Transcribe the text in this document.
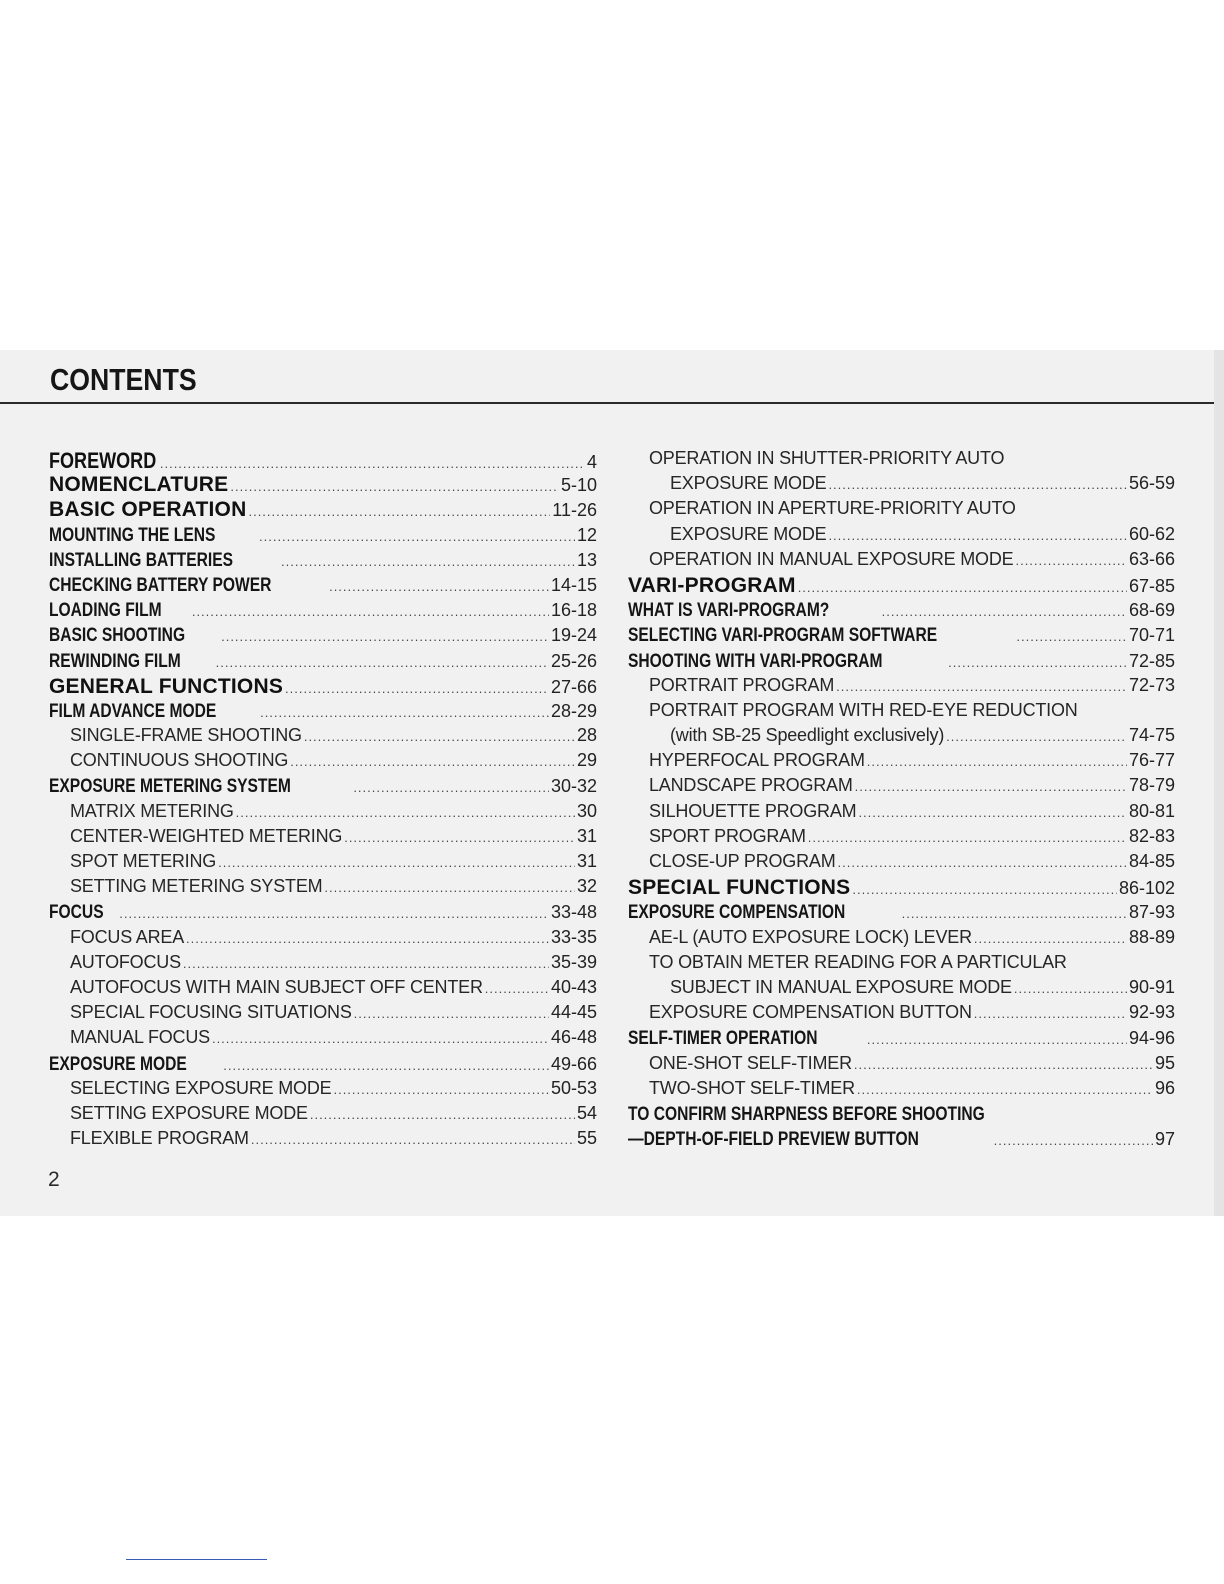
CONTENTS
FOREWORD .....	4
NOMENCLATURE .....	5-10
BASIC OPERATION .....	11-26
MOUNTING THE LENS .....	12
INSTALLING BATTERIES .....	13
CHECKING BATTERY POWER .....	14-15
LOADING FILM .....	16-18
BASIC SHOOTING .....	19-24
REWINDING FILM .....	25-26
GENERAL FUNCTIONS .....	27-66
FILM ADVANCE MODE .....	28-29
SINGLE-FRAME SHOOTING .....	28
CONTINUOUS SHOOTING .....	29
EXPOSURE METERING SYSTEM .....	30-32
MATRIX METERING .....	30
CENTER-WEIGHTED METERING .....	31
SPOT METERING .....	31
SETTING METERING SYSTEM .....	32
FOCUS .....	33-48
FOCUS AREA .....	33-35
AUTOFOCUS .....	35-39
AUTOFOCUS WITH MAIN SUBJECT OFF CENTER .....	40-43
SPECIAL FOCUSING SITUATIONS .....	44-45
MANUAL FOCUS .....	46-48
EXPOSURE MODE .....	49-66
SELECTING EXPOSURE MODE .....	50-53
SETTING EXPOSURE MODE .....	54
FLEXIBLE PROGRAM .....	55
OPERATION IN SHUTTER-PRIORITY AUTO
EXPOSURE MODE .....	56-59
OPERATION IN APERTURE-PRIORITY AUTO
EXPOSURE MODE .....	60-62
OPERATION IN MANUAL EXPOSURE MODE .....	63-66
VARI-PROGRAM .....	67-85
WHAT IS VARI-PROGRAM? .....	68-69
SELECTING VARI-PROGRAM SOFTWARE .....	70-71
SHOOTING WITH VARI-PROGRAM .....	72-85
PORTRAIT PROGRAM .....	72-73
PORTRAIT PROGRAM WITH RED-EYE REDUCTION
(with SB-25 Speedlight exclusively) .....	74-75
HYPERFOCAL PROGRAM .....	76-77
LANDSCAPE PROGRAM .....	78-79
SILHOUETTE PROGRAM .....	80-81
SPORT PROGRAM .....	82-83
CLOSE-UP PROGRAM .....	84-85
SPECIAL FUNCTIONS .....	86-102
EXPOSURE COMPENSATION .....	87-93
AE-L (AUTO EXPOSURE LOCK) LEVER .....	88-89
TO OBTAIN METER READING FOR A PARTICULAR
SUBJECT IN MANUAL EXPOSURE MODE .....	90-91
EXPOSURE COMPENSATION BUTTON .....	92-93
SELF-TIMER OPERATION .....	94-96
ONE-SHOT SELF-TIMER .....	95
TWO-SHOT SELF-TIMER .....	96
TO CONFIRM SHARPNESS BEFORE SHOOTING
—DEPTH-OF-FIELD PREVIEW BUTTON .....	97
2
